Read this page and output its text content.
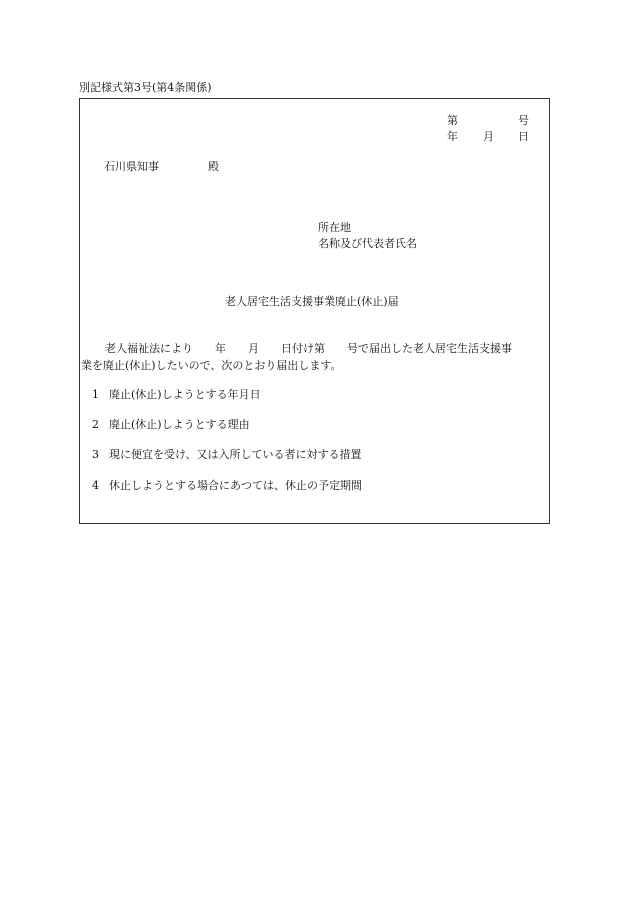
別記様式第3号(第4条関係)
第	号
年 月 日
石川県知事	殿
所在地
名称及び代表者氏名
老人居宅生活支援事業廃止(休止)届
老人福祉法により　　年　　月　　日付け第　　号で届出した老人居宅生活支援事
業を廃止(休止)したいので、次のとおり届出します。
1 廃止(休止)しようとする年月日
2 廃止(休止)しようとする理由
3 現に便宜を受け、又は入所している者に対する措置
4 休止しようとする場合にあつては、休止の予定期間
